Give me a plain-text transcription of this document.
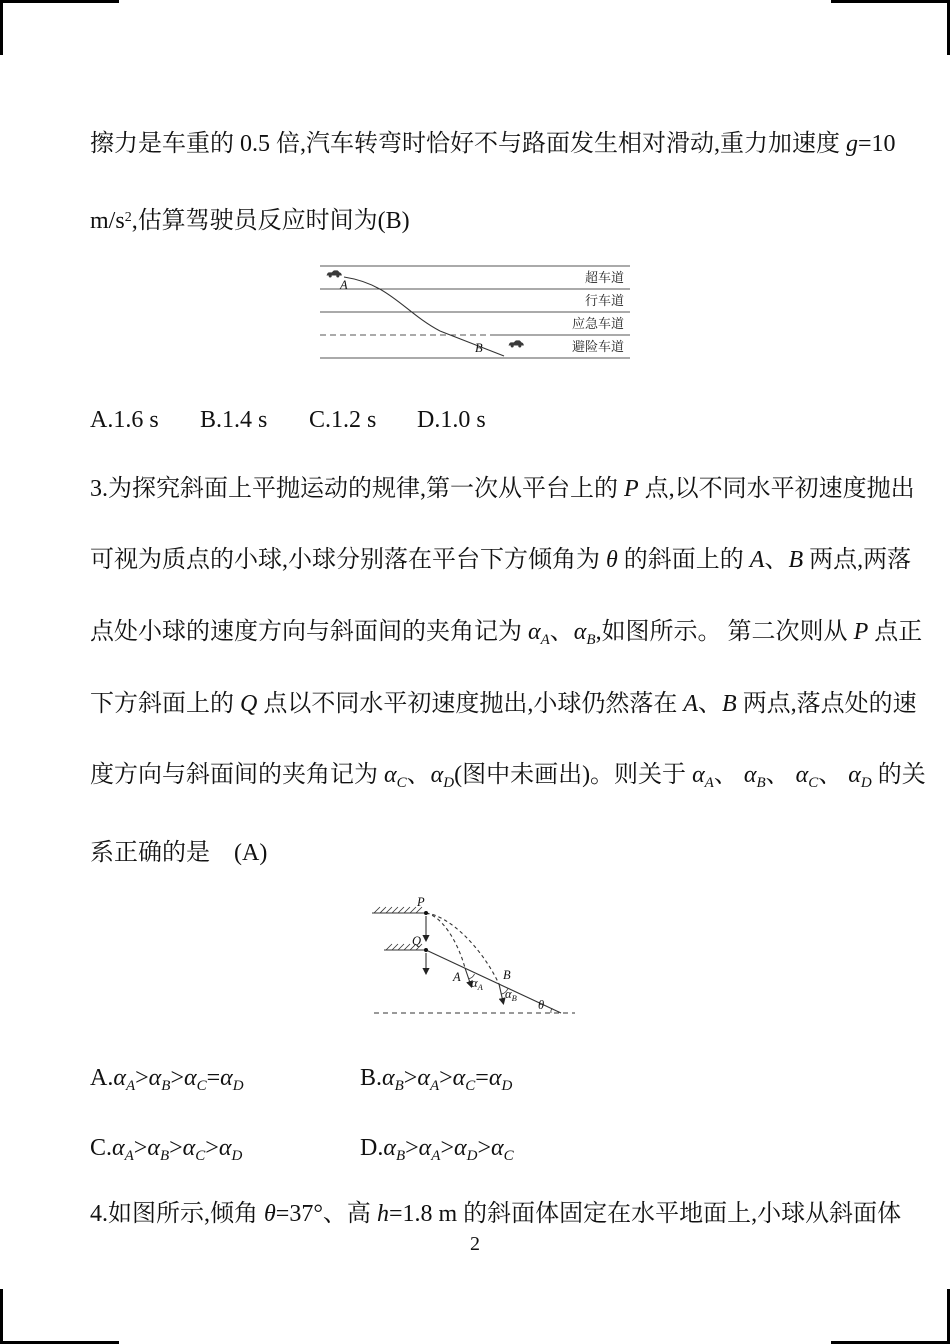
擦力是车重的 0.5 倍,汽车转弯时恰好不与路面发生相对滑动,重力加速度 g=10
$m/s^2$,估算驾驶员反应时间为(B)
超车道
行车道
应急车道
避险车道
A
B
A.1.6 s B.1.4 s C.1.2 s D.1.0 s
3.为探究斜面上平抛运动的规律,第一次从平台上的 P 点,以不同水平初速度抛出
可视为质点的小球,小球分别落在平台下方倾角为 θ 的斜面上的 A、B 两点,两落
点处小球的速度方向与斜面间的夹角记为 $\alpha_A$、$\alpha_B$,如图所示。 第二次则从 P 点正
下方斜面上的 Q 点以不同水平初速度抛出,小球仍然落在 A、B 两点,落点处的速
度方向与斜面间的夹角记为 $\alpha_C$、$\alpha_D$(图中未画出)。则关于 $\alpha_A$、 $\alpha_B$、 $\alpha_C$、 $\alpha_D$ 的关
系正确的是　(A)
P
Q
A	B
$\alpha_A$ $\alpha_B$ θ
$A.\alpha_A>\alpha_B>\alpha_C=\alpha_D$	$B.\alpha_B>\alpha_A>\alpha_C=\alpha_D$
$C.\alpha_A>\alpha_B>\alpha_C>\alpha_D$	$D.\alpha_B>\alpha_A>\alpha_D>\alpha_C$
4.如图所示,倾角 θ=37°、高 h=1.8 m 的斜面体固定在水平地面上,小球从斜面体
2
